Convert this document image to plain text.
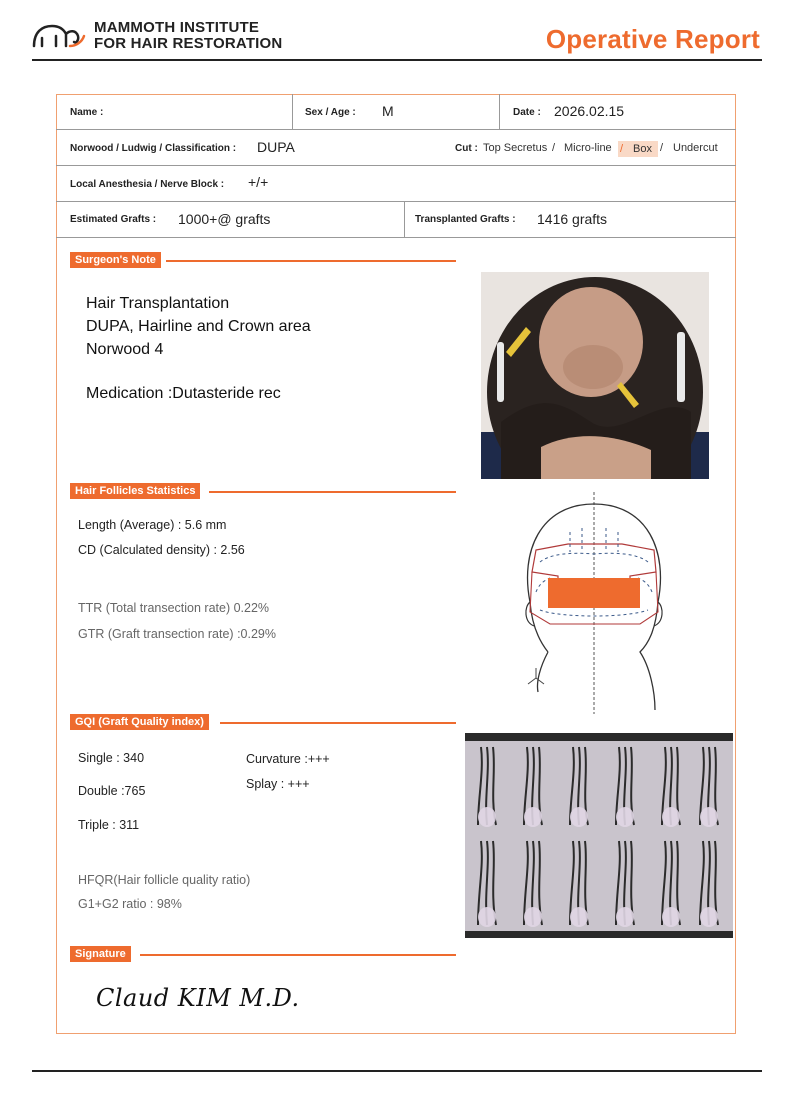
MAMMOTH INSTITUTE
FOR HAIR RESTORATION	Operative Report
Name :	Sex / Age : M	Date : 2026.02.15
Norwood / Ludwig / Classification : DUPA	Cut : Top Secretus / Micro-line / Box / Undercut
Local Anesthesia / Nerve Block : +/+
Estimated Grafts : 1000+@ grafts	Transplanted Grafts : 1416 grafts
Surgeon's Note
Hair Transplantation
DUPA, Hairline and Crown area
Norwood 4
Medication :Dutasteride rec
Hair Follicles Statistics
Length (Average) : 5.6 mm
CD (Calculated density) : 2.56
TTR (Total transection rate) 0.22%
GTR (Graft transection rate) :0.29%
GQI (Graft Quality index)
Single : 340
Double :765
Triple : 311
Curvature :+++
Splay : +++
HFQR(Hair follicle quality ratio)
G1+G2 ratio : 98%
Signature
Claud KIM M.D.
